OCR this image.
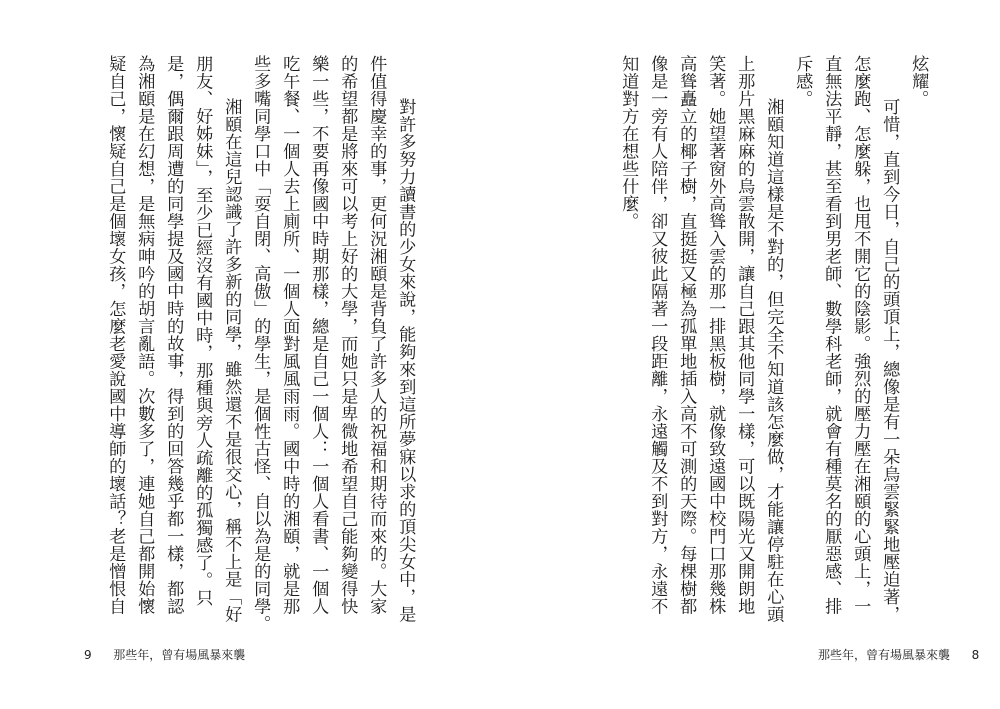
對許多努力讀書的少女來說，能夠來到這所夢寐以求的頂尖女中，是
件值得慶幸的事，更何況湘頤是背負了許多人的祝福和期待而來的。大家
的希望都是將來可以考上好的大學，而她只是卑微地希望自己能夠變得快
樂一些，不要再像國中時期那樣，總是自己一個人：一個人看書、一個人
吃午餐、一個人去上廁所、一個人面對風風雨雨。國中時的湘頤，就是那
些多嘴同學口中「耍自閉、高傲」的學生，是個性古怪、自以為是的同學。
湘頤在這兒認識了許多新的同學，雖然還不是很交心，稱不上是「好
朋友、好姊妹」，至少已經沒有國中時，那種與旁人疏離的孤獨感了。只
是，偶爾跟周遭的同學提及國中時的故事，得到的回答幾乎都一樣，都認
為湘頤是在幻想，是無病呻吟的胡言亂語。次數多了，連她自己都開始懷
疑自己，懷疑自己是個壞女孩，怎麼老愛說國中導師的壞話？老是憎恨自
9 那些年，曾有場風暴來襲
炫耀。
可惜，直到今日，自己的頭頂上，總像是有一朵烏雲緊緊地壓迫著，
怎麼跑、怎麼躲，也甩不開它的陰影。強烈的壓力壓在湘頤的心頭上，一
直無法平靜，甚至看到男老師、數學科老師，就會有種莫名的厭惡感、排
斥感。
湘頤知道這樣是不對的，但完全不知道該怎麼做，才能讓停駐在心頭
上那片黑麻麻的烏雲散開，讓自己跟其他同學一樣，可以既陽光又開朗地
笑著。她望著窗外高聳入雲的那一排黑板樹，就像致遠國中校門口那幾株
高聳矗立的椰子樹，直挺挺又極為孤單地插入高不可測的天際。每棵樹都
像是一旁有人陪伴，卻又彼此隔著一段距離，永遠觸及不到對方，永遠不
知道對方在想些什麼。
那些年，曾有場風暴來襲 8
